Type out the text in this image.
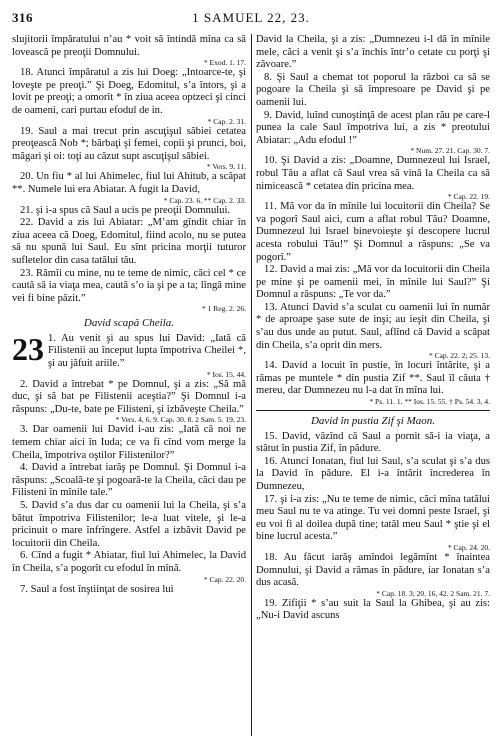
316	1 SAMUEL 22, 23.

slujitorii împăratului n’au * voit să întindă mîna ca să lovească pe preoţii Domnului.
* Exod. 1. 17.

18. Atunci împăratul a zis lui Doeg: „Intoarce-te, şi loveşte pe preoţi.” Şi Doeg, Edomitul, s’a întors, şi a lovit pe preoţi; a omorît * în ziua aceea optzeci şi cinci de oameni, cari purtau efodul de in.
* Cap. 2. 31.

19. Saul a mai trecut prin ascuţişul săbiei cetatea preoţească Nob *; bărbaţi şi femei, copii şi prunci, boi, măgari şi oi: toţi au căzut supt ascuţişul săbiei.
* Vers. 9, 11.

20. Un fiu * al lui Ahimelec, fiul lui Ahitub, a scăpat **. Numele lui era Abiatar. A fugit la David,
* Cap. 23. 6. ** Cap. 2. 33.

21. şi i-a spus că Saul a ucis pe preoţii Domnului.

22. David a zis lui Abiatar: „M’am gîndit chiar în ziua aceea că Doeg, Edomitul, fiind acolo, nu se putea să nu spună lui Saul. Eu sînt pricina morţii tuturor sufletelor din casa tatălui tău.

23. Rămîi cu mine, nu te teme de nimic, căci cel * ce caută să ia viaţa mea, caută s’o ia şi pe a ta; lîngă mine vei fi bine păzit.”
* 1 Reg. 2. 26.

David scapă Cheila.

23 1. Au venit şi au spus lui David: „Iată că Filistenii au început lupta împotriva Cheilei *, şi au jăfuit ariile.”
* Ios. 15. 44.

2. David a întrebat * pe Domnul, şi a zis: „Să mă duc, şi să bat pe Filistenii aceştia?” Şi Domnul i-a răspuns: „Du-te, bate pe Filisteni, şi izbăveşte Cheila.”
* Vers. 4, 6, 9. Cap. 30. 8. 2 Sam. 5. 19, 23.

3. Dar oamenii lui David i-au zis: „Iată că noi ne temem chiar aici în Iuda; ce va fi cînd vom merge la Cheila, împotriva oştilor Filistenilor?”

4. David a întrebat iarăş pe Domnul. Şi Domnul i-a răspuns: „Scoală-te şi pogoară-te la Cheila, căci dau pe Filisteni în mînile tale.”

5. David s’a dus dar cu oamenii lui la Cheila, şi s’a bătut împotriva Filistenilor; le-a luat vitele, şi le-a pricinuit o mare înfrîngere. Astfel a izbăvit David pe locuitorii din Cheila.

6. Cînd a fugit * Abiatar, fiul lui Ahimelec, la David în Cheila, s’a pogorît cu efodul în mînă.
* Cap. 22. 20.

7. Saul a fost înştiinţat de sosirea lui

David la Cheila, şi a zis: „Dumnezeu i-l dă în mînile mele, căci a venit şi s’a închis într’o cetate cu porţi şi zăvoare.”

8. Şi Saul a chemat tot poporul la război ca să se pogoare la Cheila şi să împresoare pe David şi pe oamenii lui.

9. David, luînd cunoştinţă de acest plan rău pe care-l punea la cale Saul împotriva lui, a zis * preotului Abiatar: „Adu efodul !”
* Num. 27. 21. Cap. 30. 7.

10. Şi David a zis: „Doamne, Dumnezeul lui Israel, robul Tău a aflat că Saul vrea să vină la Cheila ca să nimicească * cetatea din pricina mea.
* Cap. 22. 19.

11. Mă vor da în mînile lui locuitorii din Cheila? Se va pogorî Saul aici, cum a aflat robul Tău? Doamne, Dumnezeul lui Israel binevoieşte şi descopere lucrul acesta robului Tău!” Şi Domnul a răspuns: „Se va pogorî.”

12. David a mai zis: „Mă vor da locuitorii din Cheila pe mine şi pe oamenii mei, în mînile lui Saul?” Şi Domnul a răspuns: „Te vor da.”

13. Atunci David s’a sculat cu oamenii lui în număr * de aproape şase sute de inşi; au ieşit din Cheila, şi s’au dus unde au putut. Saul, aflînd că David a scăpat din Cheila, s’a oprit din mers.
* Cap. 22. 2; 25. 13.

14. David a locuit în pustie, în locuri întărite, şi a rămas pe muntele * din pustia Zif **. Saul îl căuta † mereu, dar Dumnezeu nu l-a dat în mîna lui.
* Ps. 11. 1. ** Ios. 15. 55. † Ps. 54. 3, 4.

David în pustia Zif şi Maon.

15. David, văzînd că Saul a pornit să-i ia viaţa, a stătut în pustia Zif, în pădure.

16. Atunci Ionatan, fiul lui Saul, s’a sculat şi s’a dus la David în pădure. El i-a întărit încrederea în Dumnezeu,

17. şi i-a zis: „Nu te teme de nimic, căci mîna tatălui meu Saul nu te va atinge. Tu vei domni peste Israel, şi eu voi fi al doilea după tine; tatăl meu Saul * ştie şi el bine lucrul acesta.”
* Cap. 24. 20.

18. Au făcut iarăş amîndoi legămînt * înaintea Domnului, şi David a rămas în pădure, iar Ionatan s’a dus acasă.
* Cap. 18. 3; 20. 16, 42. 2 Sam. 21. 7.

19. Zifiţii * s’au suit la Saul la Ghibea, şi au zis: „Nu-i David ascuns
